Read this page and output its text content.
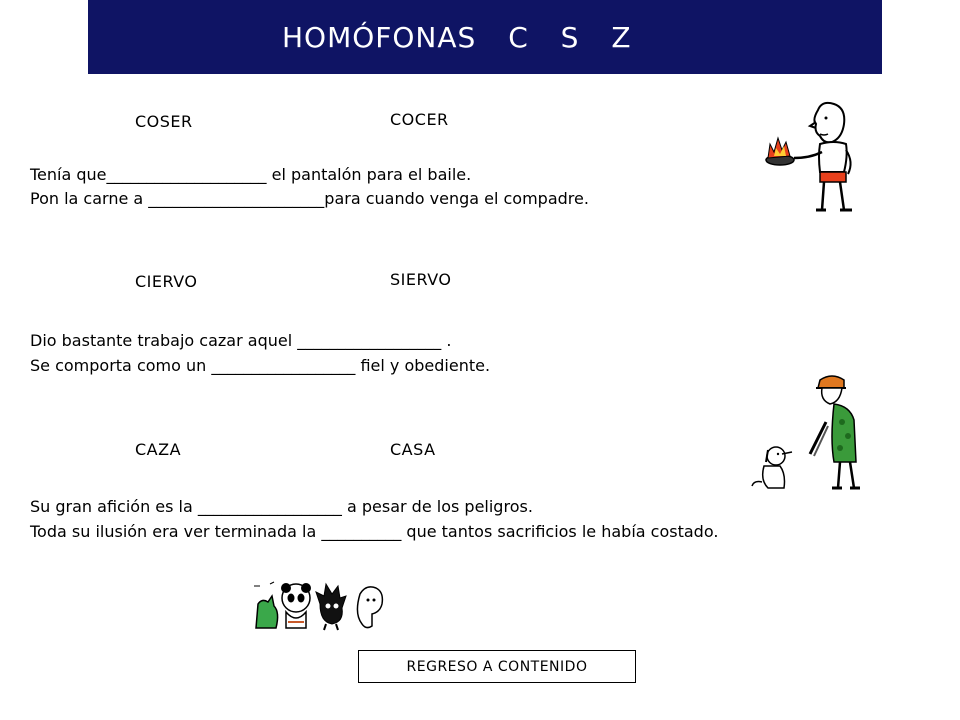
HOMÓFONAS C S Z
COSER	COCER
Tenía que____________________ el pantalón para el baile.
Pon la carne a ______________________para cuando venga el compadre.
CIERVO	SIERVO
Dio bastante trabajo cazar aquel __________________ .
Se comporta como un __________________ fiel y obediente.
CAZA	CASA
Su gran afición es la __________________ a pesar de los peligros.
Toda su ilusión era ver terminada la __________ que tantos sacrificios le había costado.
REGRESO A CONTENIDO
